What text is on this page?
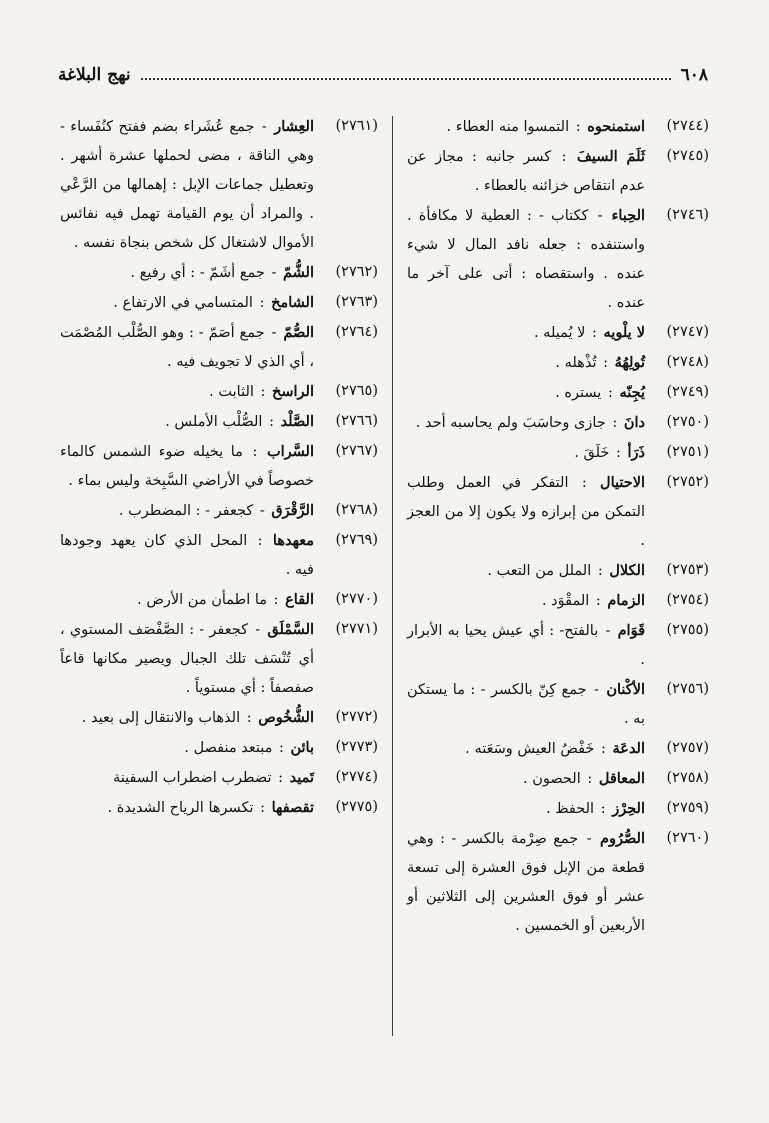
نهج البلاغة	٦٠٨
(٢٧٤٤)
استمنحوه : التمسوا منه العطاء .
(٢٧٤٥)
ثَلَمَ السيفَ : كسر جانبه : مجاز عن عدم انتقاص خزائنه بالعطاء .
(٢٧٤٦)
الحِباء - ككتاب - : العطية لا مكافأة . واستنفده : جعله نافد المال لا شيء عنده . واستقصاه : أتى على آخر ما عنده .
(٢٧٤٧)
لا يلْويه : لا يُميله .
(٢٧٤٨)
تُولِهُهُ : تُذْهله .
(٢٧٤٩)
يُجِنّه : يستره .
(٢٧٥٠)
دانَ : جازى وحاسَبَ ولم يحاسبه أحد .
(٢٧٥١)
ذَرَأ : خَلَقَ .
(٢٧٥٢)
الاحتيال : التفكر في العمل وطلب التمكن من إبرازه ولا يكون إلا من العجز .
(٢٧٥٣)
الكلال : الملل من التعب .
(٢٧٥٤)
الزمام : المقْوَد .
(٢٧٥٥)
قَوَام - بالفتح- : أي عيش يحيا به الأبرار .
(٢٧٥٦)
الأكْنان - جمع كِنّ بالكسر - : ما يستكن به .
(٢٧٥٧)
الدعَة : خَفْضُ العيش وسَعَته .
(٢٧٥٨)
المعاقل : الحصون .
(٢٧٥٩)
الحِرْز : الحفظ .
(٢٧٦٠)
الصُّرُوم - جمع صِرْمة بالكسر - : وهي قطعة من الإبل فوق العشرة إلى تسعة عشر أو فوق العشرين إلى الثلاثين أو الأربعين أو الخمسين .
(٢٧٦١)
العِشار - جمع عُشَراء بضم ففتح كنُفَساء - وهي الناقة ، مضى لحملها عشرة أشهر . وتعطيل جماعات الإبل : إهمالها من الرَّعْي . والمراد أن يوم القيامة تهمل فيه نفائس الأموال لاشتغال كل شخص بنجاة نفسه .
(٢٧٦٢)
الشُّمّ - جمع أشَمّ - : أي رفيع .
(٢٧٦٣)
الشامخ : المتسامي في الارتفاع .
(٢٧٦٤)
الصُّمّ - جمع أصَمّ - : وهو الصُّلْب المُصْمَت ، أي الذي لا تجويف فيه .
(٢٧٦٥)
الراسخ : الثابت .
(٢٧٦٦)
الصَّلْد : الصُّلْب الأملس .
(٢٧٦٧)
السَّراب : ما يخيله ضوء الشمس كالماء خصوصاً في الأراضي السَّبِخة وليس بماء .
(٢٧٦٨)
الرَّقْرَق - كجعفر - : المضطرب .
(٢٧٦٩)
معهدها : المحل الذي كان يعهد وجودها فيه .
(٢٧٧٠)
القاع : ما اطمأن من الأرض .
(٢٧٧١)
السَّمْلَق - كجعفر - : الصَّفْصَف المستوي ، أي تُنْسَف تلك الجبال ويصير مكانها قاعاً صفصفاً : أي مستوياً .
(٢٧٧٢)
الشُّخُوص : الذهاب والانتقال إلى بعيد .
(٢٧٧٣)
بائن : مبتعد منفصل .
(٢٧٧٤)
تَميد : تضطرب اضطراب السفينة
(٢٧٧٥)
تقصفها : تكسرها الرياح الشديدة .
